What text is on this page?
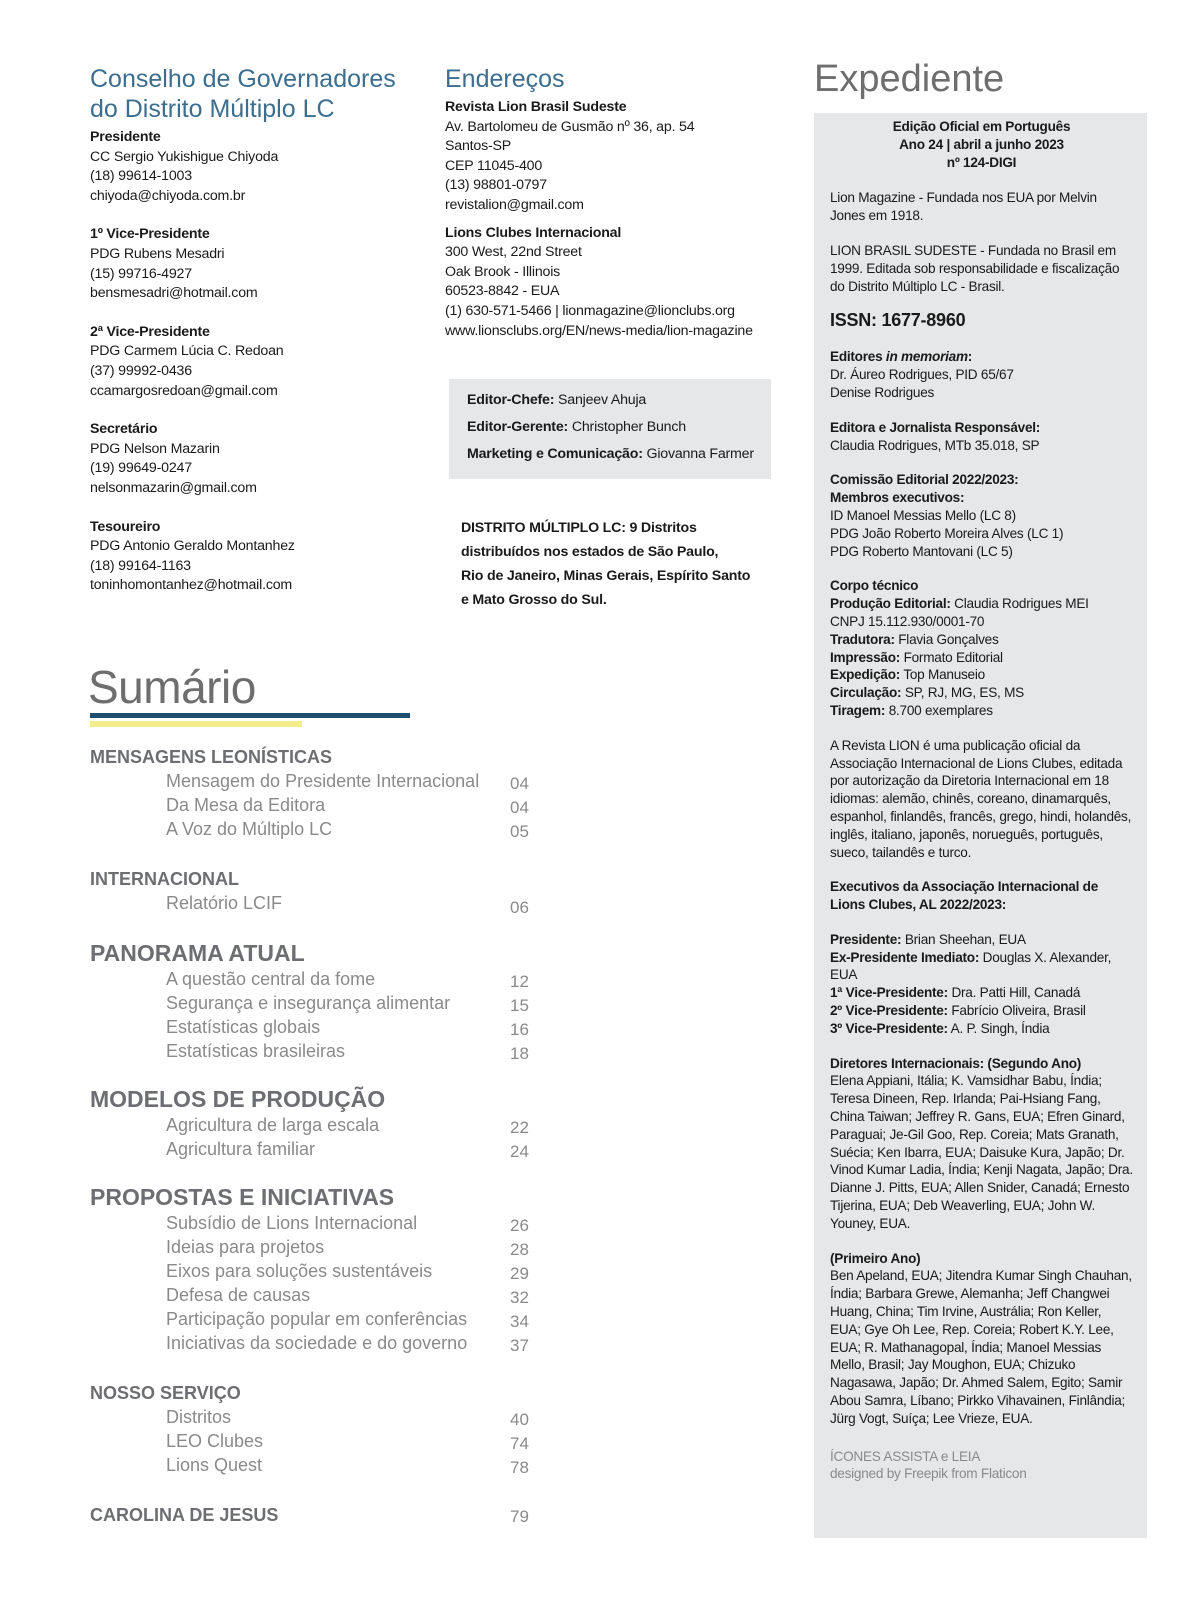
Conselho de Governadores
do Distrito Múltiplo LC
Presidente
CC Sergio Yukishigue Chiyoda
(18) 99614-1003
chiyoda@chiyoda.com.br
1º Vice-Presidente
PDG Rubens Mesadri
(15) 99716-4927
bensmesadri@hotmail.com
2ª Vice-Presidente
PDG Carmem Lúcia C. Redoan
(37) 99992-0436
ccamargosredoan@gmail.com
Secretário
PDG Nelson Mazarin
(19) 99649-0247
nelsonmazarin@gmail.com
Tesoureiro
PDG Antonio Geraldo Montanhez
(18) 99164-1163
toninhomontanhez@hotmail.com
Endereços
Revista Lion Brasil Sudeste
Av. Bartolomeu de Gusmão nº 36, ap. 54
Santos-SP
CEP 11045-400
(13) 98801-0797
revistalion@gmail.com
Lions Clubes Internacional
300 West, 22nd Street
Oak Brook - Illinois
60523-8842 - EUA
(1) 630-571-5466 | lionmagazine@lionclubs.org
www.lionsclubs.org/EN/news-media/lion-magazine
Editor-Chefe: Sanjeev Ahuja
Editor-Gerente: Christopher Bunch
Marketing e Comunicação: Giovanna Farmer
DISTRITO MÚLTIPLO LC: 9 Distritos
distribuídos nos estados de São Paulo,
Rio de Janeiro, Minas Gerais, Espírito Santo
e Mato Grosso do Sul.
Sumário
MENSAGENS LEONÍSTICAS
Mensagem do Presidente Internacional	04
Da Mesa da Editora	04
A Voz do Múltiplo LC	05
INTERNACIONAL
Relatório LCIF	06
PANORAMA ATUAL
A questão central da fome	12
Segurança e insegurança alimentar	15
Estatísticas globais	16
Estatísticas brasileiras	18
MODELOS DE PRODUÇÃO
Agricultura de larga escala	22
Agricultura familiar	24
PROPOSTAS E INICIATIVAS
Subsídio de Lions Internacional	26
Ideias para projetos	28
Eixos para soluções sustentáveis	29
Defesa de causas	32
Participação popular em conferências	34
Iniciativas da sociedade e do governo	37
NOSSO SERVIÇO
Distritos	40
LEO Clubes	74
Lions Quest	78
CAROLINA DE JESUS	79
Expediente
Edição Oficial em Português
Ano 24 | abril a junho 2023
nº 124-DIGI

Lion Magazine - Fundada nos EUA por Melvin Jones em 1918.

LION BRASIL SUDESTE - Fundada no Brasil em 1999. Editada sob responsabilidade e fiscalização do Distrito Múltiplo LC - Brasil.

ISSN: 1677-8960
Editores in memoriam:
Dr. Áureo Rodrigues, PID 65/67
Denise Rodrigues
Editora e Jornalista Responsável:
Claudia Rodrigues, MTb 35.018, SP
Comissão Editorial 2022/2023:
Membros executivos:
ID Manoel Messias Mello (LC 8)
PDG João Roberto Moreira Alves (LC 1)
PDG Roberto Mantovani (LC 5)
Corpo técnico
Produção Editorial: Claudia Rodrigues MEI
CNPJ 15.112.930/0001-70
Tradutora: Flavia Gonçalves
Impressão: Formato Editorial
Expedição: Top Manuseio
Circulação: SP, RJ, MG, ES, MS
Tiragem: 8.700 exemplares

A Revista LION é uma publicação oficial da Associação Internacional de Lions Clubes, editada por autorização da Diretoria Internacional em 18 idiomas: alemão, chinês, coreano, dinamarquês, espanhol, finlandês, francês, grego, hindi, holandês, inglês, italiano, japonês, norueguês, português, sueco, tailandês e turco.

Executivos da Associação Internacional de Lions Clubes, AL 2022/2023:
Presidente: Brian Sheehan, EUA
Ex-Presidente Imediato: Douglas X. Alexander, EUA
1ª Vice-Presidente: Dra. Patti Hill, Canadá
2º Vice-Presidente: Fabrício Oliveira, Brasil
3º Vice-Presidente: A. P. Singh, Índia
Diretores Internacionais: (Segundo Ano)

Elena Appiani, Itália; K. Vamsidhar Babu, Índia; Teresa Dineen, Rep. Irlanda; Pai-Hsiang Fang, China Taiwan; Jeffrey R. Gans, EUA; Efren Ginard, Paraguai; Je-Gil Goo, Rep. Coreia; Mats Granath, Suécia; Ken Ibarra, EUA; Daisuke Kura, Japão; Dr. Vinod Kumar Ladia, Índia; Kenji Nagata, Japão; Dra. Dianne J. Pitts, EUA; Allen Snider, Canadá; Ernesto Tijerina, EUA; Deb Weaverling, EUA; John W. Youney, EUA.

(Primeiro Ano)

Ben Apeland, EUA; Jitendra Kumar Singh Chauhan, Índia; Barbara Grewe, Alemanha; Jeff Changwei Huang, China; Tim Irvine, Austrália; Ron Keller, EUA; Gye Oh Lee, Rep. Coreia; Robert K.Y. Lee, EUA; R. Mathanagopal, Índia; Manoel Messias Mello, Brasil; Jay Moughon, EUA; Chizuko Nagasawa, Japão; Dr. Ahmed Salem, Egito; Samir Abou Samra, Líbano; Pirkko Vihavainen, Finlândia; Jürg Vogt, Suíça; Lee Vrieze, EUA.

ÍCONES ASSISTA e LEIA
designed by Freepik from Flaticon
